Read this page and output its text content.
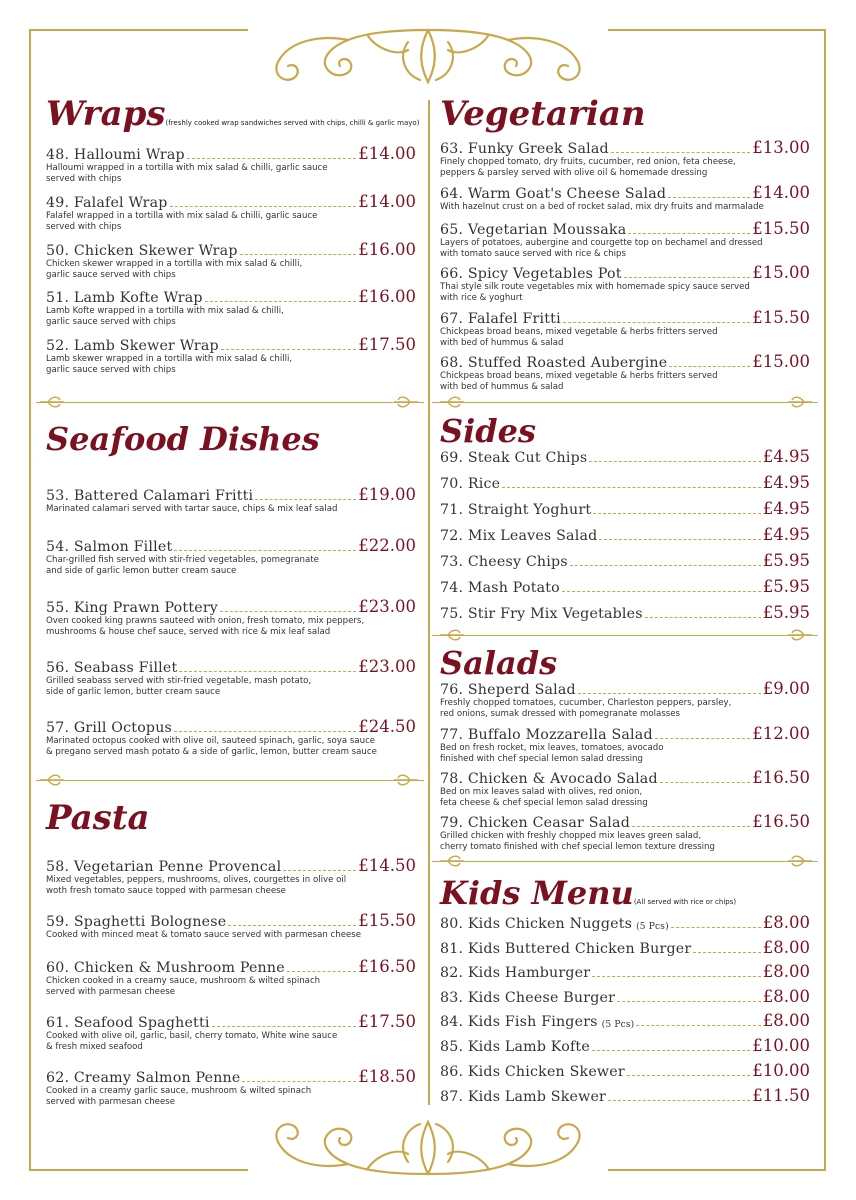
Wraps(freshly cooked wrap sandwiches served with chips, chilli & garlic mayo)
Seafood Dishes
Pasta
Vegetarian
Sides
Salads
Kids Menu(All served with rice or chips)
48. Halloumi Wrap	£14.00
Halloumi wrapped in a tortilla with mix salad & chilli, garlic sauce
served with chips
49. Falafel Wrap	£14.00
Falafel wrapped in a tortilla with mix salad & chilli, garlic sauce
served with chips
50. Chicken Skewer Wrap	£16.00
Chicken skewer wrapped in a tortilla with mix salad & chilli,
garlic sauce served with chips
51. Lamb Kofte Wrap	£16.00
Lamb Kofte wrapped in a tortilla with mix salad & chilli,
garlic sauce served with chips
52. Lamb Skewer Wrap	£17.50
Lamb skewer wrapped in a tortilla with mix salad & chilli,
garlic sauce served with chips
53. Battered Calamari Fritti	£19.00
Marinated calamari served with tartar sauce, chips & mix leaf salad
54. Salmon Fillet	£22.00
Char-grilled fish served with stir-fried vegetables, pomegranate
and side of garlic lemon butter cream sauce
55. King Prawn Pottery	£23.00
Oven cooked king prawns sauteed with onion, fresh tomato, mix peppers,
mushrooms & house chef sauce, served with rice & mix leaf salad
56. Seabass Fillet	£23.00
Grilled seabass served with stir-fried vegetable, mash potato,
side of garlic lemon, butter cream sauce
57. Grill Octopus	£24.50
Marinated octopus cooked with olive oil, sauteed spinach, garlic, soya sauce
& pregano served mash potato & a side of garlic, lemon, butter cream sauce
58. Vegetarian Penne Provencal	£14.50
Mixed vegetables, peppers, mushrooms, olives, courgettes in olive oil
woth fresh tomato sauce topped with parmesan cheese
59. Spaghetti Bolognese	£15.50
Cooked with minced meat & tomato sauce served with parmesan cheese
60. Chicken & Mushroom Penne	£16.50
Chicken cooked in a creamy sauce, mushroom & wilted spinach
served with parmesan cheese
61. Seafood Spaghetti	£17.50
Cooked with olive oil, garlic, basil, cherry tomato, White wine sauce
& fresh mixed seafood
62. Creamy Salmon Penne	£18.50
Cooked in a creamy garlic sauce, mushroom & wilted spinach
served with parmesan cheese
63. Funky Greek Salad	£13.00
Finely chopped tomato, dry fruits, cucumber, red onion, feta cheese,
peppers & parsley served with olive oil & homemade dressing
64. Warm Goat's Cheese Salad	£14.00
With hazelnut crust on a bed of rocket salad, mix dry fruits and marmalade
65. Vegetarian Moussaka	£15.50
Layers of potatoes, aubergine and courgette top on bechamel and dressed
with tomato sauce served with rice & chips
66. Spicy Vegetables Pot	£15.00
Thai style silk route vegetables mix with homemade spicy sauce served
with rice & yoghurt
67. Falafel Fritti	£15.50
Chickpeas broad beans, mixed vegetable & herbs fritters served
with bed of hummus & salad
68. Stuffed Roasted Aubergine	£15.00
Chickpeas broad beans, mixed vegetable & herbs fritters served
with bed of hummus & salad
69. Steak Cut Chips	£4.95
70. Rice	£4.95
71. Straight Yoghurt	£4.95
72. Mix Leaves Salad	£4.95
73. Cheesy Chips	£5.95
74. Mash Potato	£5.95
75. Stir Fry Mix Vegetables	£5.95
76. Sheperd Salad	£9.00
Freshly chopped tomatoes, cucumber, Charleston peppers, parsley,
red onions, sumak dressed with pomegranate molasses
77. Buffalo Mozzarella Salad	£12.00
Bed on fresh rocket, mix leaves, tomatoes, avocado
finished with chef special lemon salad dressing
78. Chicken & Avocado Salad	£16.50
Bed on mix leaves salad with olives, red onion,
feta cheese & chef special lemon salad dressing
79. Chicken Ceasar Salad	£16.50
Grilled chicken with freshly chopped mix leaves green salad,
cherry tomato finished with chef special lemon texture dressing
80. Kids Chicken Nuggets (5 Pcs)	£8.00
81. Kids Buttered Chicken Burger	£8.00
82. Kids Hamburger	£8.00
83. Kids Cheese Burger	£8.00
84. Kids Fish Fingers (5 Pcs)	£8.00
85. Kids Lamb Kofte	£10.00
86. Kids Chicken Skewer	£10.00
87. Kids Lamb Skewer	£11.50
